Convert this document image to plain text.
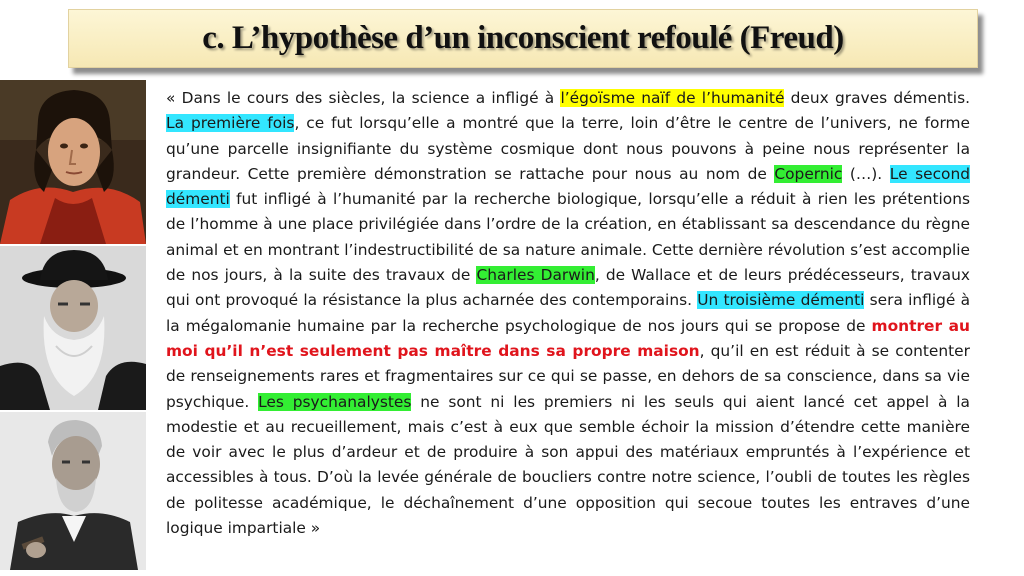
c. L’hypothèse d’un inconscient refoulé (Freud)

« Dans le cours des siècles, la science a infligé à l’égoïsme naïf de l’humanité deux graves démentis. La première fois, ce fut lorsqu’elle a montré que la terre, loin d’être le centre de l’univers, ne forme qu’une parcelle insignifiante du système cosmique dont nous pouvons à peine nous représenter la grandeur. Cette première démonstration se rattache pour nous au nom de Copernic (…). Le second démenti fut infligé à l’humanité par la recherche biologique, lorsqu’elle a réduit à rien les prétentions de l’homme à une place privilégiée dans l’ordre de la création, en établissant sa descendance du règne animal et en montrant l’indestructibilité de sa nature animale. Cette dernière révolution s’est accomplie de nos jours, à la suite des travaux de Charles Darwin, de Wallace et de leurs prédécesseurs, travaux qui ont provoqué la résistance la plus acharnée des contemporains. Un troisième démenti sera infligé à la mégalomanie humaine par la recherche psychologique de nos jours qui se propose de montrer au moi qu’il n’est seulement pas maître dans sa propre maison, qu’il en est réduit à se contenter de renseignements rares et fragmentaires sur ce qui se passe, en dehors de sa conscience, dans sa vie psychique. Les psychanalystes ne sont ni les premiers ni les seuls qui aient lancé cet appel à la modestie et au recueillement, mais c’est à eux que semble échoir la mission d’étendre cette manière de voir avec le plus d’ardeur et de produire à son appui des matériaux empruntés à l’expérience et accessibles à tous. D’où la levée générale de boucliers contre notre science, l’oubli de toutes les règles de politesse académique, le déchaînement d’une opposition qui secoue toutes les entraves d’une logique impartiale »
